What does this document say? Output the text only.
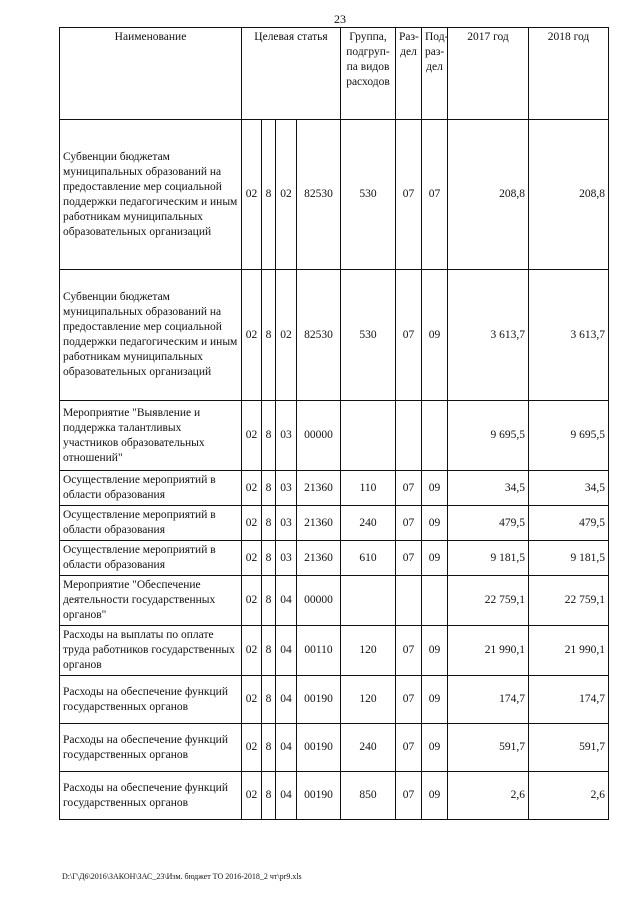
23
Наименование	Целевая статья				Группа,
подгруп-
па видов
расходов	Раз-
дел	Под-
раз-
дел	2017 год	2018 год
Субвенции бюджетам муниципальных образований на предоставление мер социальной поддержки педагогическим и иным работникам муниципальных образовательных организаций	02	8	02	82530	530	07	07	208,8	208,8
Субвенции бюджетам муниципальных образований на предоставление мер социальной поддержки педагогическим и иным работникам муниципальных образовательных организаций	02	8	02	82530	530	07	09	3 613,7	3 613,7
Мероприятие "Выявление и поддержка талантливых участников образовательных отношений"	02	8	03	00000				9 695,5	9 695,5
Осуществление мероприятий в области образования	02	8	03	21360	110	07	09	34,5	34,5
Осуществление мероприятий в области образования	02	8	03	21360	240	07	09	479,5	479,5
Осуществление мероприятий в области образования	02	8	03	21360	610	07	09	9 181,5	9 181,5
Мероприятие "Обеспечение деятельности государственных органов"	02	8	04	00000				22 759,1	22 759,1
Расходы на выплаты по оплате труда работников государственных органов	02	8	04	00110	120	07	09	21 990,1	21 990,1
Расходы на обеспечение функций государственных органов	02	8	04	00190	120	07	09	174,7	174,7
Расходы на обеспечение функций государственных органов	02	8	04	00190	240	07	09	591,7	591,7
Расходы на обеспечение функций государственных органов	02	8	04	00190	850	07	09	2,6	2,6
D:\Г\Д6\2016\ЗАКОН\ЗАС_23\Изм. бюджет ТО 2016-2018_2 чт\pr9.xls
